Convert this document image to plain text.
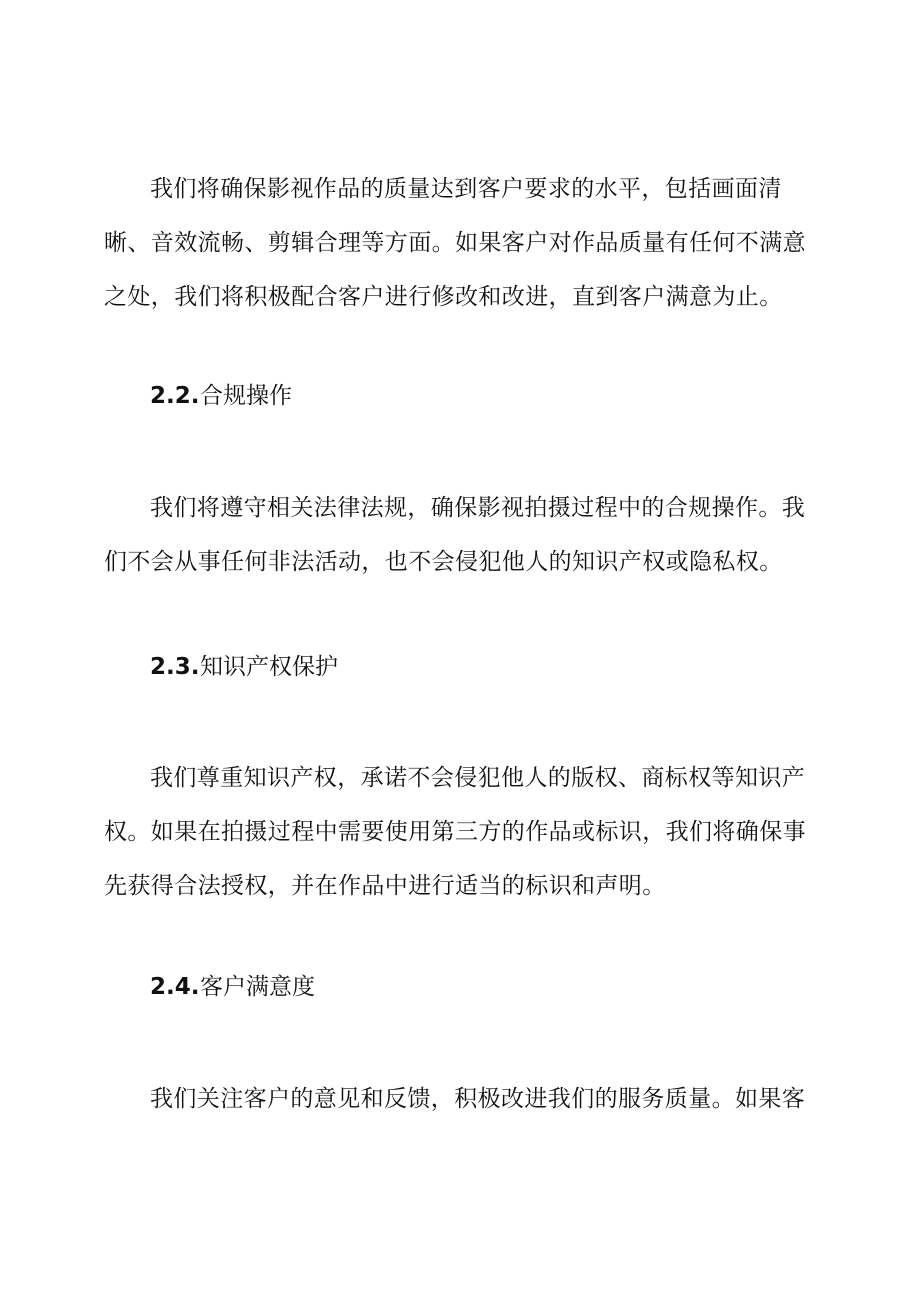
我们将确保影视作品的质量达到客户要求的水平，包括画面清
晰、音效流畅、剪辑合理等方面。如果客户对作品质量有任何不满意
之处，我们将积极配合客户进行修改和改进，直到客户满意为止。

2.2.合规操作

我们将遵守相关法律法规，确保影视拍摄过程中的合规操作。我
们不会从事任何非法活动，也不会侵犯他人的知识产权或隐私权。

2.3.知识产权保护

我们尊重知识产权，承诺不会侵犯他人的版权、商标权等知识产
权。如果在拍摄过程中需要使用第三方的作品或标识，我们将确保事
先获得合法授权，并在作品中进行适当的标识和声明。

2.4.客户满意度

我们关注客户的意见和反馈，积极改进我们的服务质量。如果客
